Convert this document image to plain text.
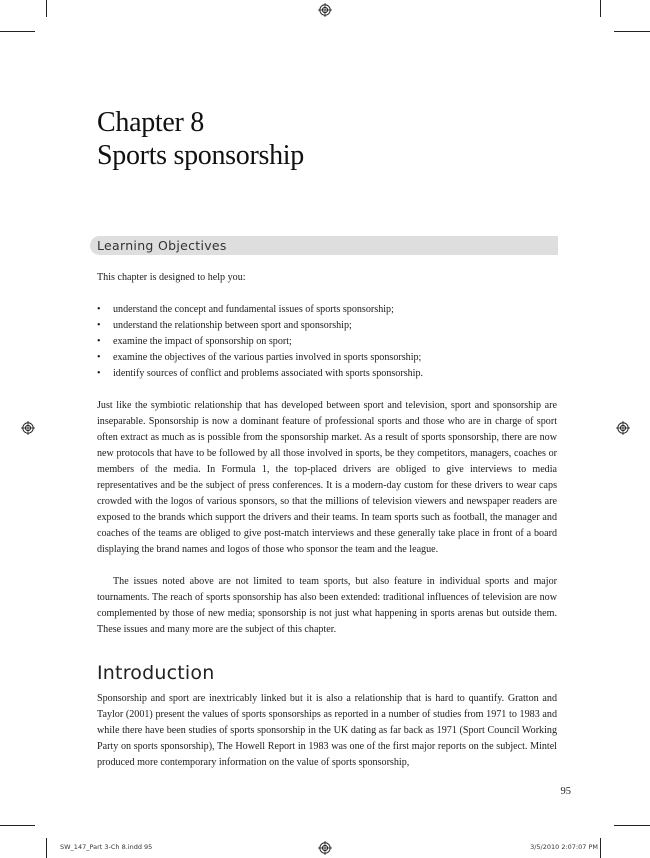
Chapter 8
Sports sponsorship
Learning Objectives

This chapter is designed to help you:

• understand the concept and fundamental issues of sports sponsorship;
• understand the relationship between sport and sponsorship;
• examine the impact of sponsorship on sport;
• examine the objectives of the various parties involved in sports sponsorship;
• identify sources of conflict and problems associated with sports sponsorship.

Just like the symbiotic relationship that has developed between sport and television, sport and sponsorship are inseparable. Sponsorship is now a dominant feature of professional sports and those who are in charge of sport often extract as much as is possible from the sponsorship market. As a result of sports sponsorship, there are now new protocols that have to be followed by all those involved in sports, be they competitors, managers, coaches or members of the media. In Formula 1, the top-placed drivers are obliged to give interviews to media representatives and be the subject of press conferences. It is a modern-day custom for these drivers to wear caps crowded with the logos of various sponsors, so that the millions of television viewers and newspaper readers are exposed to the brands which support the drivers and their teams. In team sports such as football, the manager and coaches of the teams are obliged to give post-match interviews and these generally take place in front of a board displaying the brand names and logos of those who sponsor the team and the league.

The issues noted above are not limited to team sports, but also feature in individual sports and major tournaments. The reach of sports sponsorship has also been extended: traditional influences of television are now complemented by those of new media; sponsorship is not just what happening in sports arenas but outside them. These issues and many more are the subject of this chapter.

Introduction

Sponsorship and sport are inextricably linked but it is also a relationship that is hard to quantify. Gratton and Taylor (2001) present the values of sports sponsorships as reported in a number of studies from 1971 to 1983 and while there have been studies of sports sponsorship in the UK dating as far back as 1971 (Sport Council Working Party on sports sponsorship), The Howell Report in 1983 was one of the first major reports on the subject. Mintel produced more contemporary information on the value of sports sponsorship,

95
SW_147_Part 3-Ch 8.indd 95	3/5/2010 2:07:07 PM
